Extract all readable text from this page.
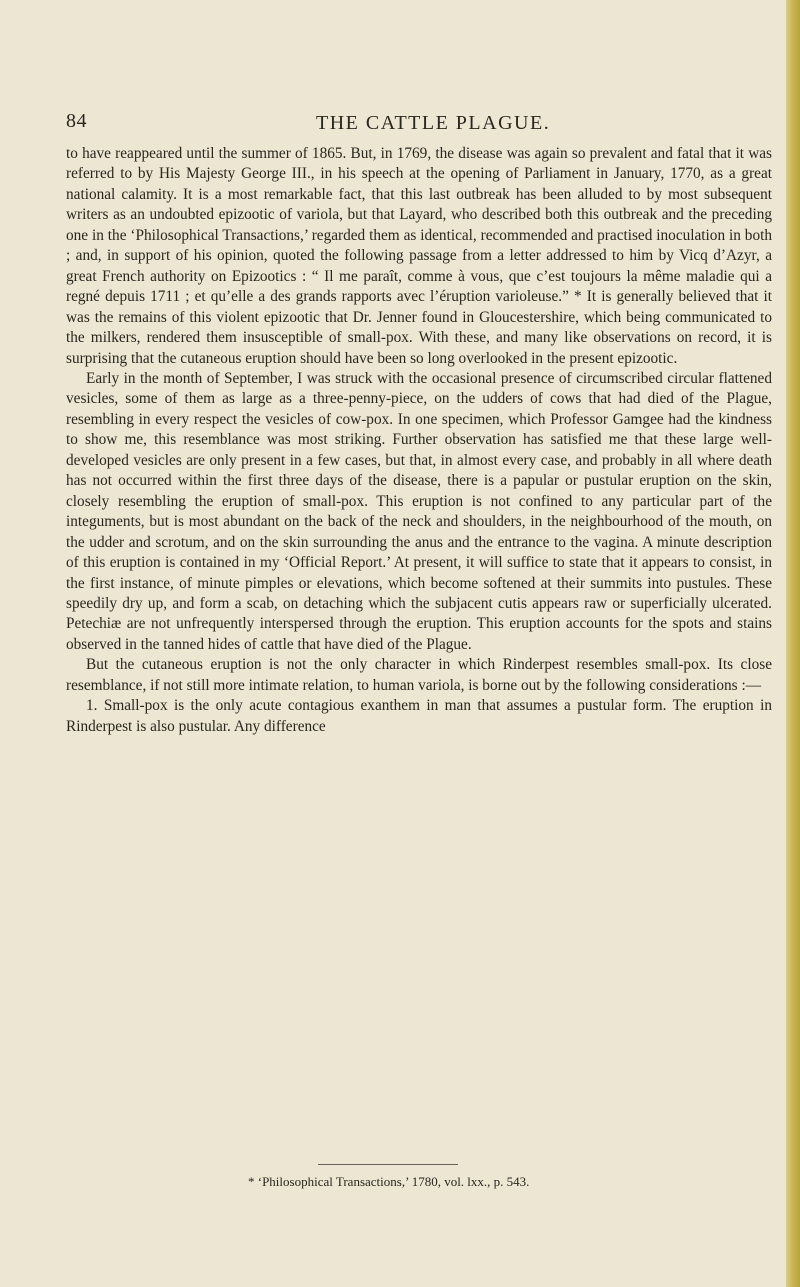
84	THE CATTLE PLAGUE.

to have reappeared until the summer of 1865. But, in 1769, the disease was again so prevalent and fatal that it was referred to by His Majesty George III., in his speech at the opening of Parliament in January, 1770, as a great national calamity. It is a most remarkable fact, that this last outbreak has been alluded to by most subsequent writers as an undoubted epizootic of variola, but that Layard, who described both this outbreak and the preceding one in the ‘Philosophical Transactions,’ regarded them as identical, recommended and practised inoculation in both ; and, in support of his opinion, quoted the following passage from a letter addressed to him by Vicq d’Azyr, a great French authority on Epizootics : “ Il me paraît, comme à vous, que c’est toujours la même maladie qui a regné depuis 1711 ; et qu’elle a des grands rapports avec l’éruption varioleuse.” * It is generally believed that it was the remains of this violent epizootic that Dr. Jenner found in Gloucestershire, which being communicated to the milkers, rendered them insusceptible of small-pox. With these, and many like observations on record, it is surprising that the cutaneous eruption should have been so long overlooked in the present epizootic.

Early in the month of September, I was struck with the occasional presence of circumscribed circular flattened vesicles, some of them as large as a three-penny-piece, on the udders of cows that had died of the Plague, resembling in every respect the vesicles of cow-pox. In one specimen, which Professor Gamgee had the kindness to show me, this resemblance was most striking. Further observation has satisfied me that these large well-developed vesicles are only present in a few cases, but that, in almost every case, and probably in all where death has not occurred within the first three days of the disease, there is a papular or pustular eruption on the skin, closely resembling the eruption of small-pox. This eruption is not confined to any particular part of the integuments, but is most abundant on the back of the neck and shoulders, in the neighbourhood of the mouth, on the udder and scrotum, and on the skin surrounding the anus and the entrance to the vagina. A minute description of this eruption is contained in my ‘Official Report.’ At present, it will suffice to state that it appears to consist, in the first instance, of minute pimples or elevations, which become softened at their summits into pustules. These speedily dry up, and form a scab, on detaching which the subjacent cutis appears raw or superficially ulcerated. Petechiæ are not unfrequently interspersed through the eruption. This eruption accounts for the spots and stains observed in the tanned hides of cattle that have died of the Plague.

But the cutaneous eruption is not the only character in which Rinderpest resembles small-pox. Its close resemblance, if not still more intimate relation, to human variola, is borne out by the following considerations :—

1. Small-pox is the only acute contagious exanthem in man that assumes a pustular form. The eruption in Rinderpest is also pustular. Any difference

* ‘Philosophical Transactions,’ 1780, vol. lxx., p. 543.
